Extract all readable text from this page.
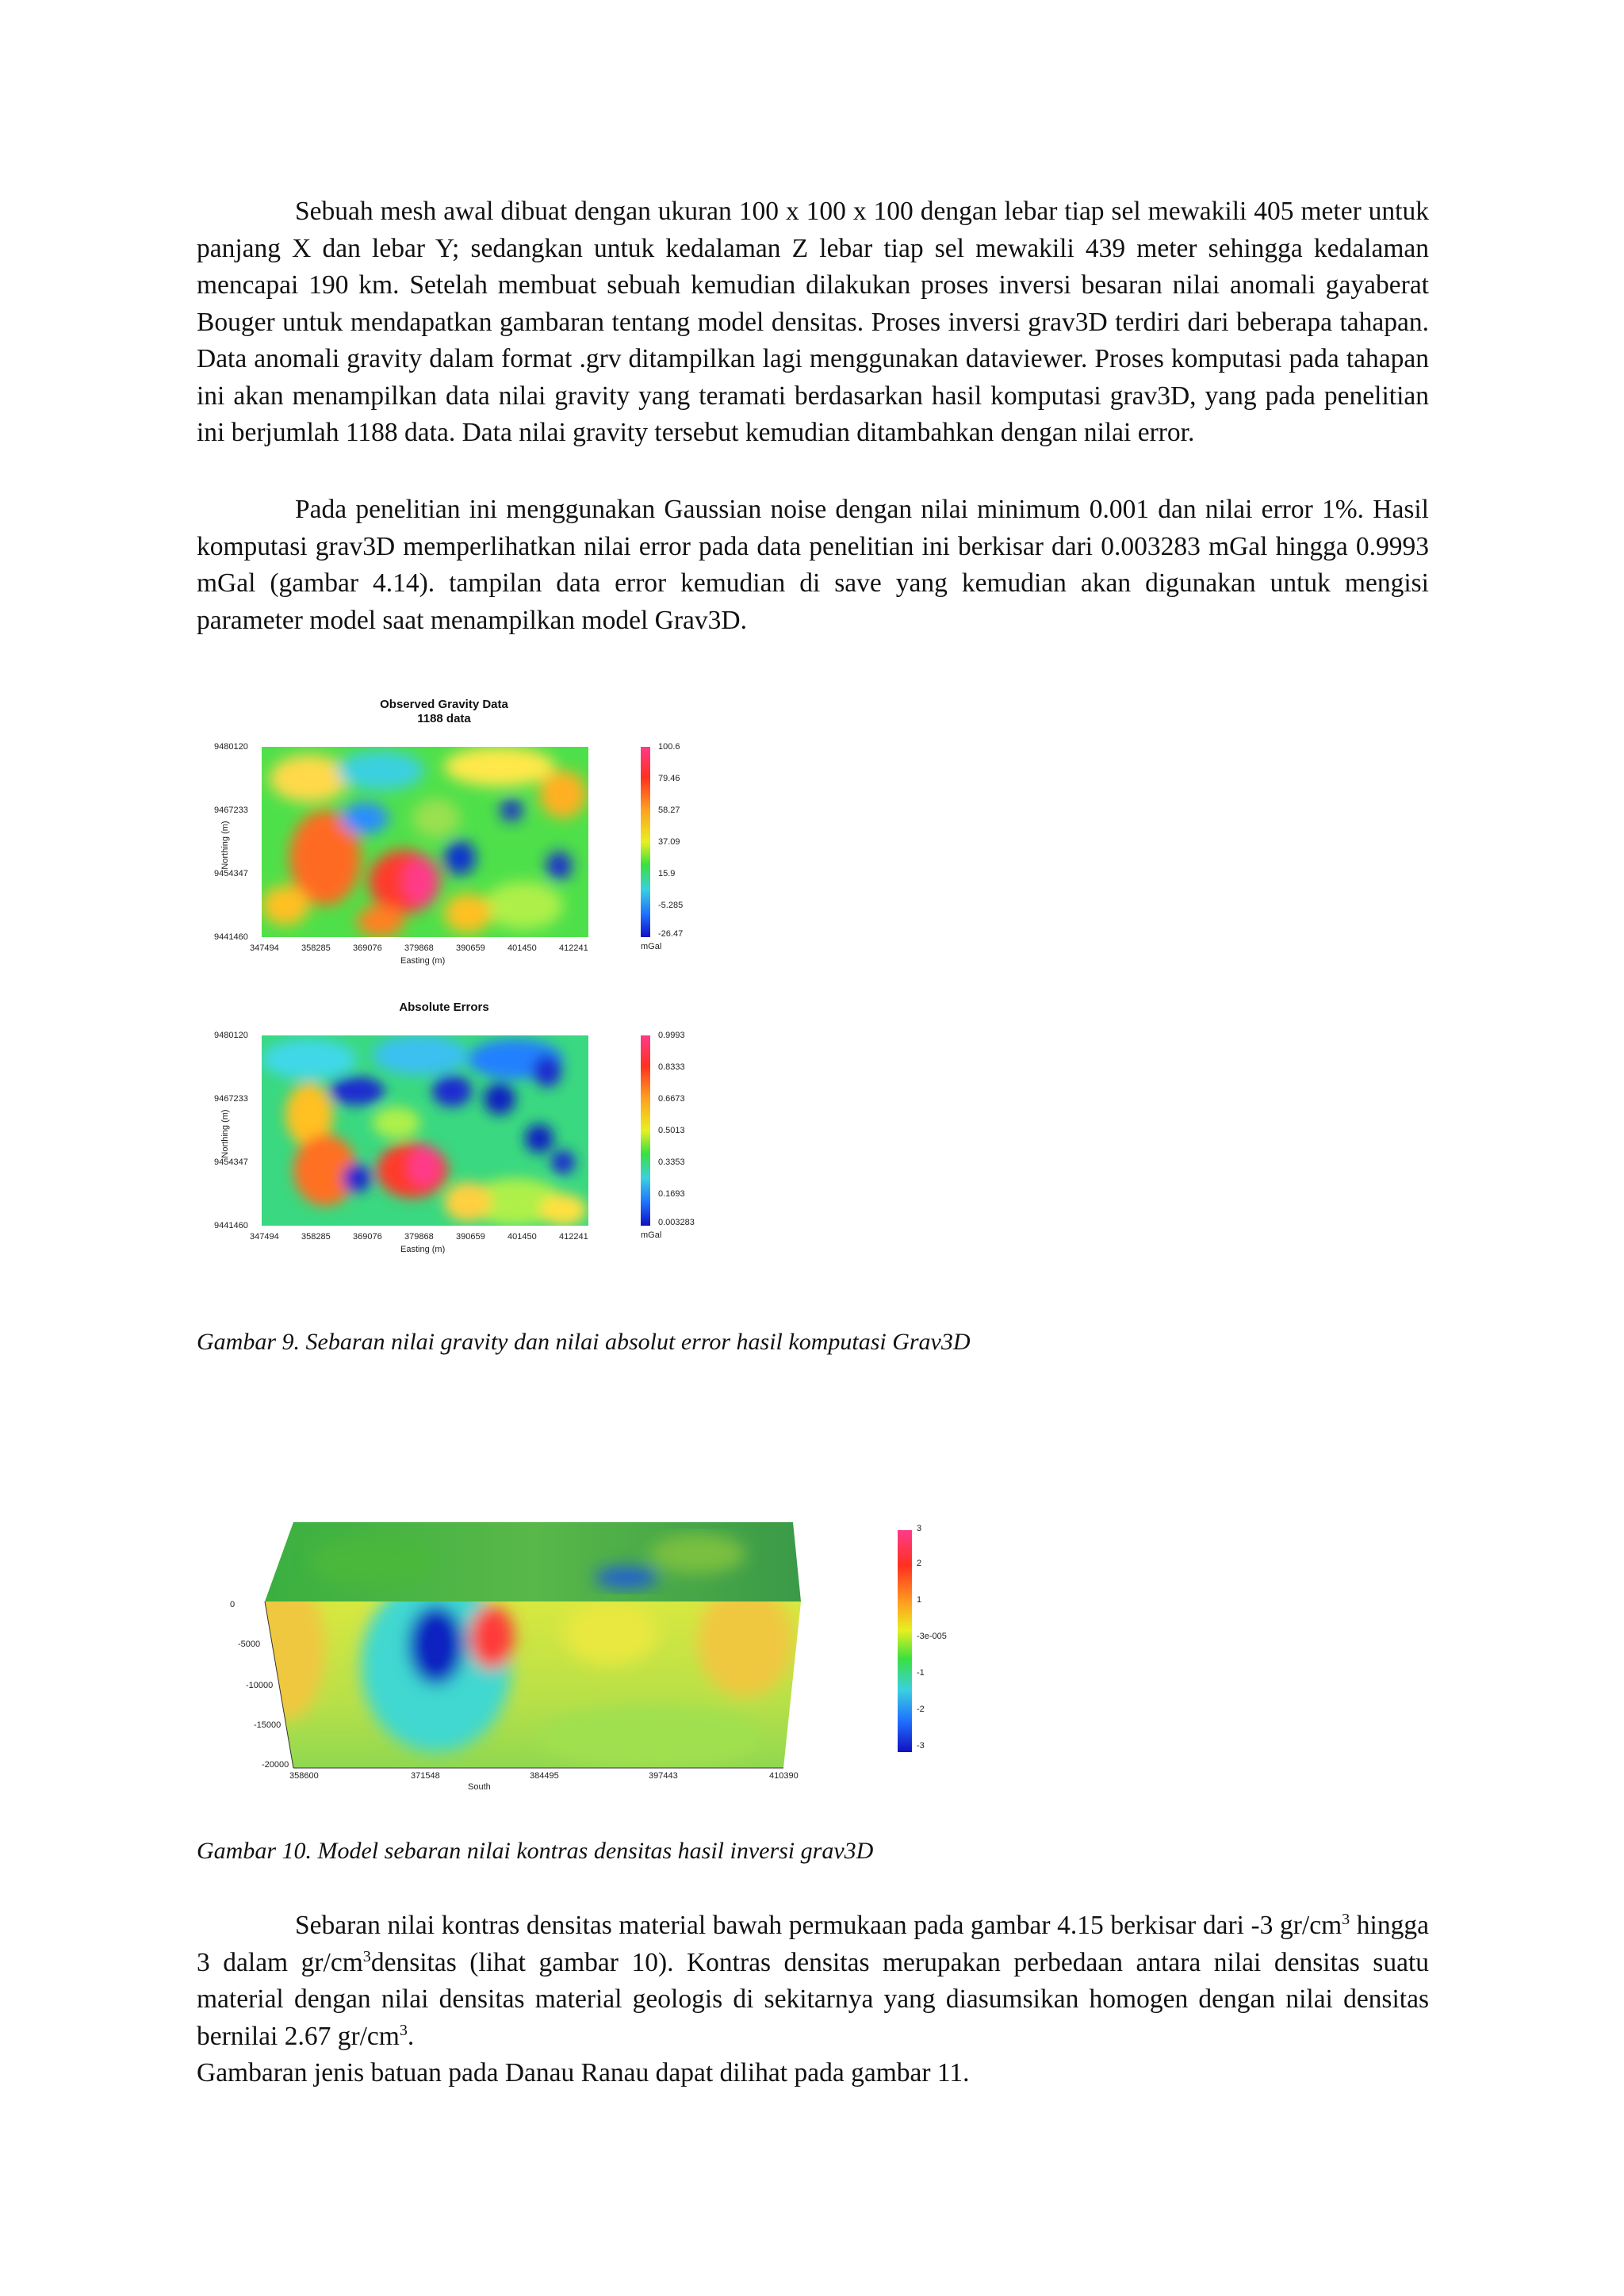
Sebuah mesh awal dibuat dengan ukuran 100 x 100 x 100 dengan lebar tiap sel mewakili 405 meter untuk panjang X dan lebar Y; sedangkan untuk kedalaman Z lebar tiap sel mewakili 439 meter sehingga kedalaman mencapai 190 km. Setelah membuat sebuah kemudian dilakukan proses inversi besaran nilai anomali gayaberat Bouger untuk mendapatkan gambaran tentang model densitas. Proses inversi grav3D terdiri dari beberapa tahapan. Data anomali gravity dalam format .grv ditampilkan lagi menggunakan dataviewer. Proses komputasi pada tahapan ini akan menampilkan data nilai gravity yang teramati berdasarkan hasil komputasi grav3D, yang pada penelitian ini berjumlah 1188 data. Data nilai gravity tersebut kemudian ditambahkan dengan nilai error.

Pada penelitian ini menggunakan Gaussian noise dengan nilai minimum 0.001 dan nilai error 1%. Hasil komputasi grav3D memperlihatkan nilai error pada data penelitian ini berkisar dari 0.003283 mGal hingga 0.9993 mGal (gambar 4.14). tampilan data error kemudian di save yang kemudian akan digunakan untuk mengisi parameter model saat menampilkan model Grav3D.

Observed Gravity Data
1188 data
9480120
9467233
9454347
9441460
Northing (m)
347494	358285	369076	379868	390659	401450	412241
Easting (m)
100.6
79.46
58.27
37.09
15.9
-5.285
-26.47
mGal
Absolute Errors
9480120
9467233
9454347
9441460
Northing (m)
347494	358285	369076	379868	390659	401450	412241
Easting (m)
0.9993
0.8333
0.6673
0.5013
0.3353
0.1693
0.003283
mGal

Gambar 9. Sebaran nilai gravity dan nilai absolut error hasil komputasi Grav3D

0
-5000
-10000
-15000
-20000
358600	371548	384495	397443	410390
South
3
2
1
-3e-005
-1
-2
-3

Gambar 10. Model sebaran nilai kontras densitas hasil inversi grav3D

Sebaran nilai kontras densitas material bawah permukaan pada gambar 4.15 berkisar dari -3 $gr/cm^3$ hingga 3 dalam $gr/cm^3densitas$ (lihat gambar 10). Kontras densitas merupakan perbedaan antara nilai densitas suatu material dengan nilai densitas material geologis di sekitarnya yang diasumsikan homogen dengan nilai densitas bernilai 2.67 $gr/cm^3$.

Gambaran jenis batuan pada Danau Ranau dapat dilihat pada gambar 11.
